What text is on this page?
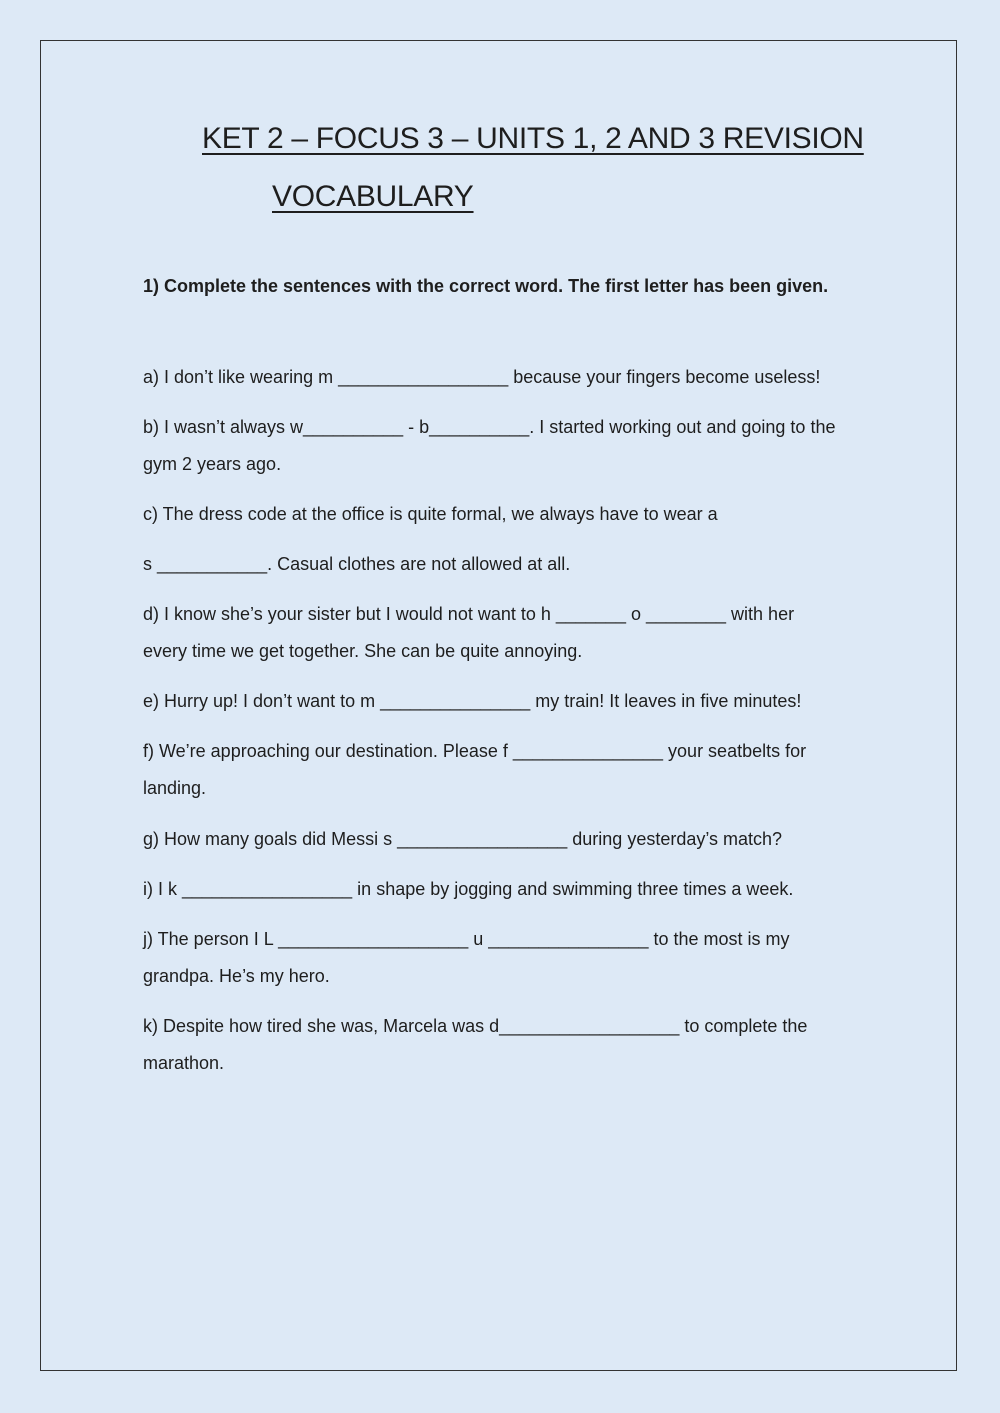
KET 2 – FOCUS 3 – UNITS 1, 2 AND 3 REVISION
VOCABULARY
1) Complete the sentences with the correct word. The first letter has been given.
a) I don’t like wearing m _________________ because your fingers become useless!
b) I wasn’t always w__________ - b__________. I started working out and going to the
gym 2 years ago.
c) The dress code at the office is quite formal, we always have to wear a
s ___________. Casual clothes are not allowed at all.
d) I know she’s your sister but I would not want to h _______ o ________ with her
every time we get together. She can be quite annoying.
e) Hurry up! I don’t want to m _______________ my train! It leaves in five minutes!
f) We’re approaching our destination. Please f _______________ your seatbelts for
landing.
g) How many goals did Messi s _________________ during yesterday’s match?
i) I k _________________ in shape by jogging and swimming three times a week.
j) The person I L ___________________ u ________________ to the most is my
grandpa. He’s my hero.
k) Despite how tired she was, Marcela was d__________________ to complete the
marathon.
